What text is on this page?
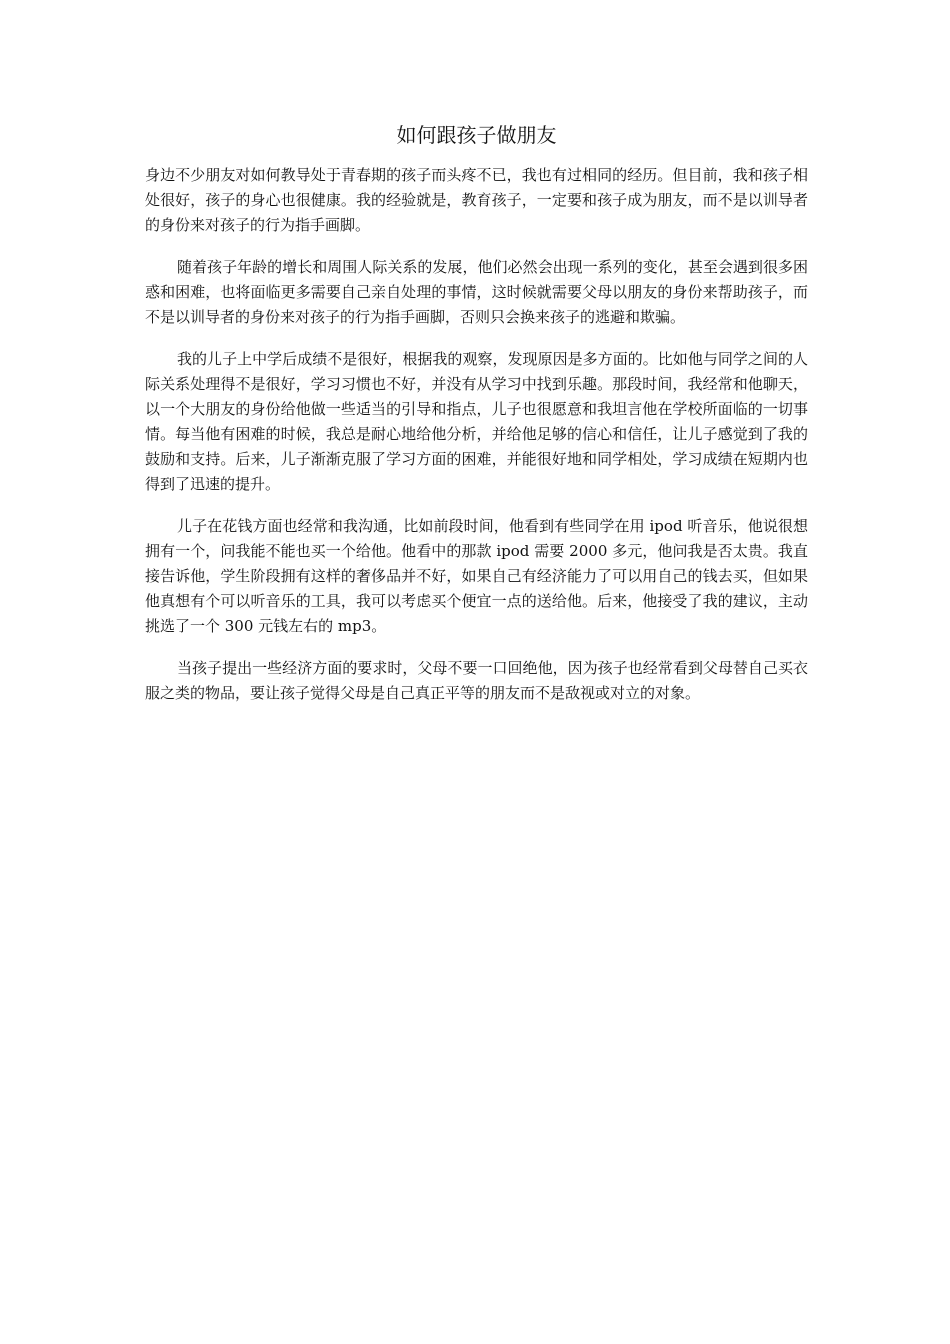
如何跟孩子做朋友

身边不少朋友对如何教导处于青春期的孩子而头疼不已，我也有过相同的经历。但目前，我和孩子相处很好，孩子的身心也很健康。我的经验就是，教育孩子，一定要和孩子成为朋友，而不是以训导者的身份来对孩子的行为指手画脚。

随着孩子年龄的增长和周围人际关系的发展，他们必然会出现一系列的变化，甚至会遇到很多困惑和困难，也将面临更多需要自己亲自处理的事情，这时候就需要父母以朋友的身份来帮助孩子，而不是以训导者的身份来对孩子的行为指手画脚，否则只会换来孩子的逃避和欺骗。

我的儿子上中学后成绩不是很好，根据我的观察，发现原因是多方面的。比如他与同学之间的人际关系处理得不是很好，学习习惯也不好，并没有从学习中找到乐趣。那段时间，我经常和他聊天，以一个大朋友的身份给他做一些适当的引导和指点，儿子也很愿意和我坦言他在学校所面临的一切事情。每当他有困难的时候，我总是耐心地给他分析，并给他足够的信心和信任，让儿子感觉到了我的鼓励和支持。后来，儿子渐渐克服了学习方面的困难，并能很好地和同学相处，学习成绩在短期内也得到了迅速的提升。

儿子在花钱方面也经常和我沟通，比如前段时间，他看到有些同学在用 ipod 听音乐，他说很想拥有一个，问我能不能也买一个给他。他看中的那款 ipod 需要 2000 多元，他问我是否太贵。我直接告诉他，学生阶段拥有这样的奢侈品并不好，如果自己有经济能力了可以用自己的钱去买，但如果他真想有个可以听音乐的工具，我可以考虑买个便宜一点的送给他。后来，他接受了我的建议，主动挑选了一个 300 元钱左右的 mp3。

当孩子提出一些经济方面的要求时，父母不要一口回绝他，因为孩子也经常看到父母替自己买衣服之类的物品，要让孩子觉得父母是自己真正平等的朋友而不是敌视或对立的对象。
